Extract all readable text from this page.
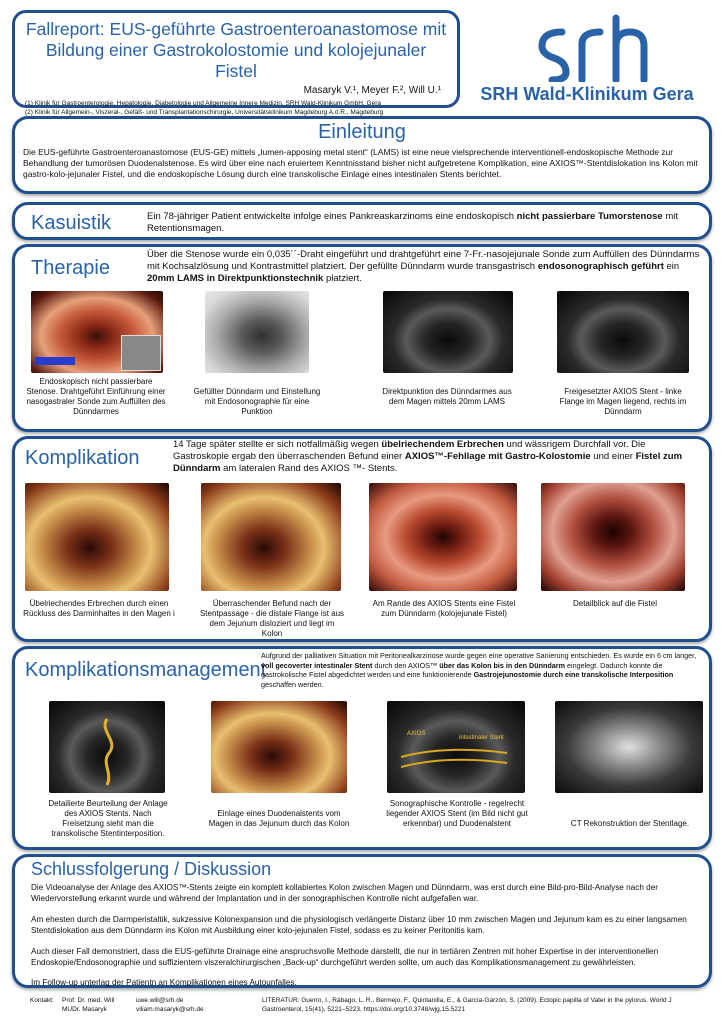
Fallreport: EUS-geführte Gastroenteroanastomose mit Bildung einer Gastrokolostomie und kolojejunaler Fistel
Masaryk V.¹, Meyer F.², Will U.¹
(1) Klinik für Gastroenterologie, Hepatologie, Diabetologie und Allgemeine Innere Medizin, SRH Wald-Klinikum GmbH, Gera
(2) Klinik für Allgemein-, Viszeral-, Gefäß- und Transplantationschirurgie, Universitätsklinikum Magdeburg A.ö.R., Magdeburg
SRH Wald-Klinikum Gera
Einleitung
Die EUS-geführte Gastroenteroanastomose (EUS-GE) mittels „lumen-apposing metal stent“ (LAMS) ist eine neue vielsprechende interventionell-endoskopische Methode zur Behandlung der tumorösen Duodenalstenose. Es wird über eine nach eruiertem Kenntnisstand bisher nicht aufgetretene Komplikation, eine AXIOS™-Stentdislokation ins Kolon mit gastro-kolo-jejunaler Fistel, und die endoskopische Lösung durch eine transkolische Einlage eines intestinalen Stents berichtet.
Kasuistik	Ein 78-jähriger Patient entwickelte infolge eines Pankreaskarzinoms eine endoskopisch nicht passierbare Tumorstenose mit Retentionsmagen.
Therapie
Über die Stenose wurde ein 0,035´´-Draht eingeführt und drahtgeführt eine 7-Fr.-nasojejunale Sonde zum Auffüllen des Dünndarms mit Kochsalzlösung und Kontrastmittel platziert. Der gefüllte Dünndarm wurde transgastrisch endosonographisch geführt ein 20mm LAMS in Direktpunktionstechnik platziert.
Endoskopisch nicht passierbare Stenose. Drahtgeführt Einführung einer nasogastraler Sonde zum Auffüllen des Dünndarmes
Gefüllter Dünndarm und Einstellung mit Endosonographie für eine Punktion
Direktpunktion des Dünndarmes aus dem Magen mittels 20mm LAMS
Freigesetzter AXIOS Stent - linke Flange im Magen liegend, rechts im Dünndarm
Komplikation
14 Tage später stellte er sich notfallmäßig wegen übelriechendem Erbrechen und wässrigem Durchfall vor. Die Gastroskopie ergab den überraschenden Befund einer AXIOS™-Fehllage mit Gastro-Kolostomie und einer Fistel zum Dünndarm am lateralen Rand des AXIOS ™- Stents.
Übelriechendes Erbrechen durch einen Rückluss des Darminhaltes in den Magen i
Überraschender Befund nach der Stentpassage - die distale Flange ist aus dem Jejunum disloziert und liegt im Kolon
Am Rande des AXIOS Stents eine Fistel zum Dünndarm (kolojejunale Fistel)
Detailblick auf die Fistel
Komplikationsmanagement
Aufgrund der palliativen Situation mit Peritonealkarzinose wurde gegen eine operative Sanierung entschieden. Es wurde ein 6 cm langer, voll gecoverter intestinaler Stent durch den AXIOS™ über das Kolon bis in den Dünndarm eingelegt. Dadurch konnte die gastrokolische Fistel abgedichtet werden und eine funktionierende Gastrojejunostomie durch eine transkolische Interposition geschaffen werden.
AXIOS
intestinaler Stent
Detailierte Beurteilung der Anlage des AXIOS Stents. Nach Freisetzung sieht man die transkolische Stentinterposition.
Einlage eines Duodenalstents vom Magen in das Jejunum durch das Kolon
Sonographische Kontrolle - regelrecht liegender AXIOS Stent (im Bild nicht gut erkennbar) und Duodenalstent	CT Rekonstruktion der Stentlage.
Schlussfolgerung / Diskussion
Die Videoanalyse der Anlage des AXIOS™-Stents zeigte ein komplett kollabiertes Kolon zwischen Magen und Dünndarm, was erst durch eine Bild-pro-Bild-Analyse nach der Wiedervorstellung erkannt wurde und während der Implantation und in der sonographischen Kontrolle nicht aufgefallen war.
Am ehesten durch die Darmperistaltik, sukzessive Kolonexpansion und die physiologisch verlängerte Distanz über 10 mm zwischen Magen und Jejunum kam es zu einer langsamen Stentdislokation aus dem Dünndarm ins Kolon mit Ausbildung einer kolo-jejunalen Fistel, sodass es zu keiner Peritonitis kam.
Auch dieser Fall demonstriert, dass die EUS-geführte Drainage eine anspruchsvolle Methode darstellt, die nur in tertiären Zentren mit hoher Expertise in der interventionellen Endoskopie/Endosonographie und suffizientem viszeralchirurgischen „Back-up“ durchgeführt werden sollte, um auch das Komplikationsmanagement zu gewährleisten.
Im Follow-up unterlag der Patientn an Komplikationen eines Autounfalles.
Kontakt: Prof. Dr. med. Will
MUDr. Masaryk
uwe.will@srh.de
viliam.masaryk@srh.de
LITERATUR: Guerro, I., Rábago, L. R., Bermejo, F., Quintanilla, E., & García-Garzón, S. (2009). Ectopic papilla of Vater in the pylorus. World J Gastroenterol, 15(41), 5221–5223. https://doi.org/10.3748/wjg.15.5221
